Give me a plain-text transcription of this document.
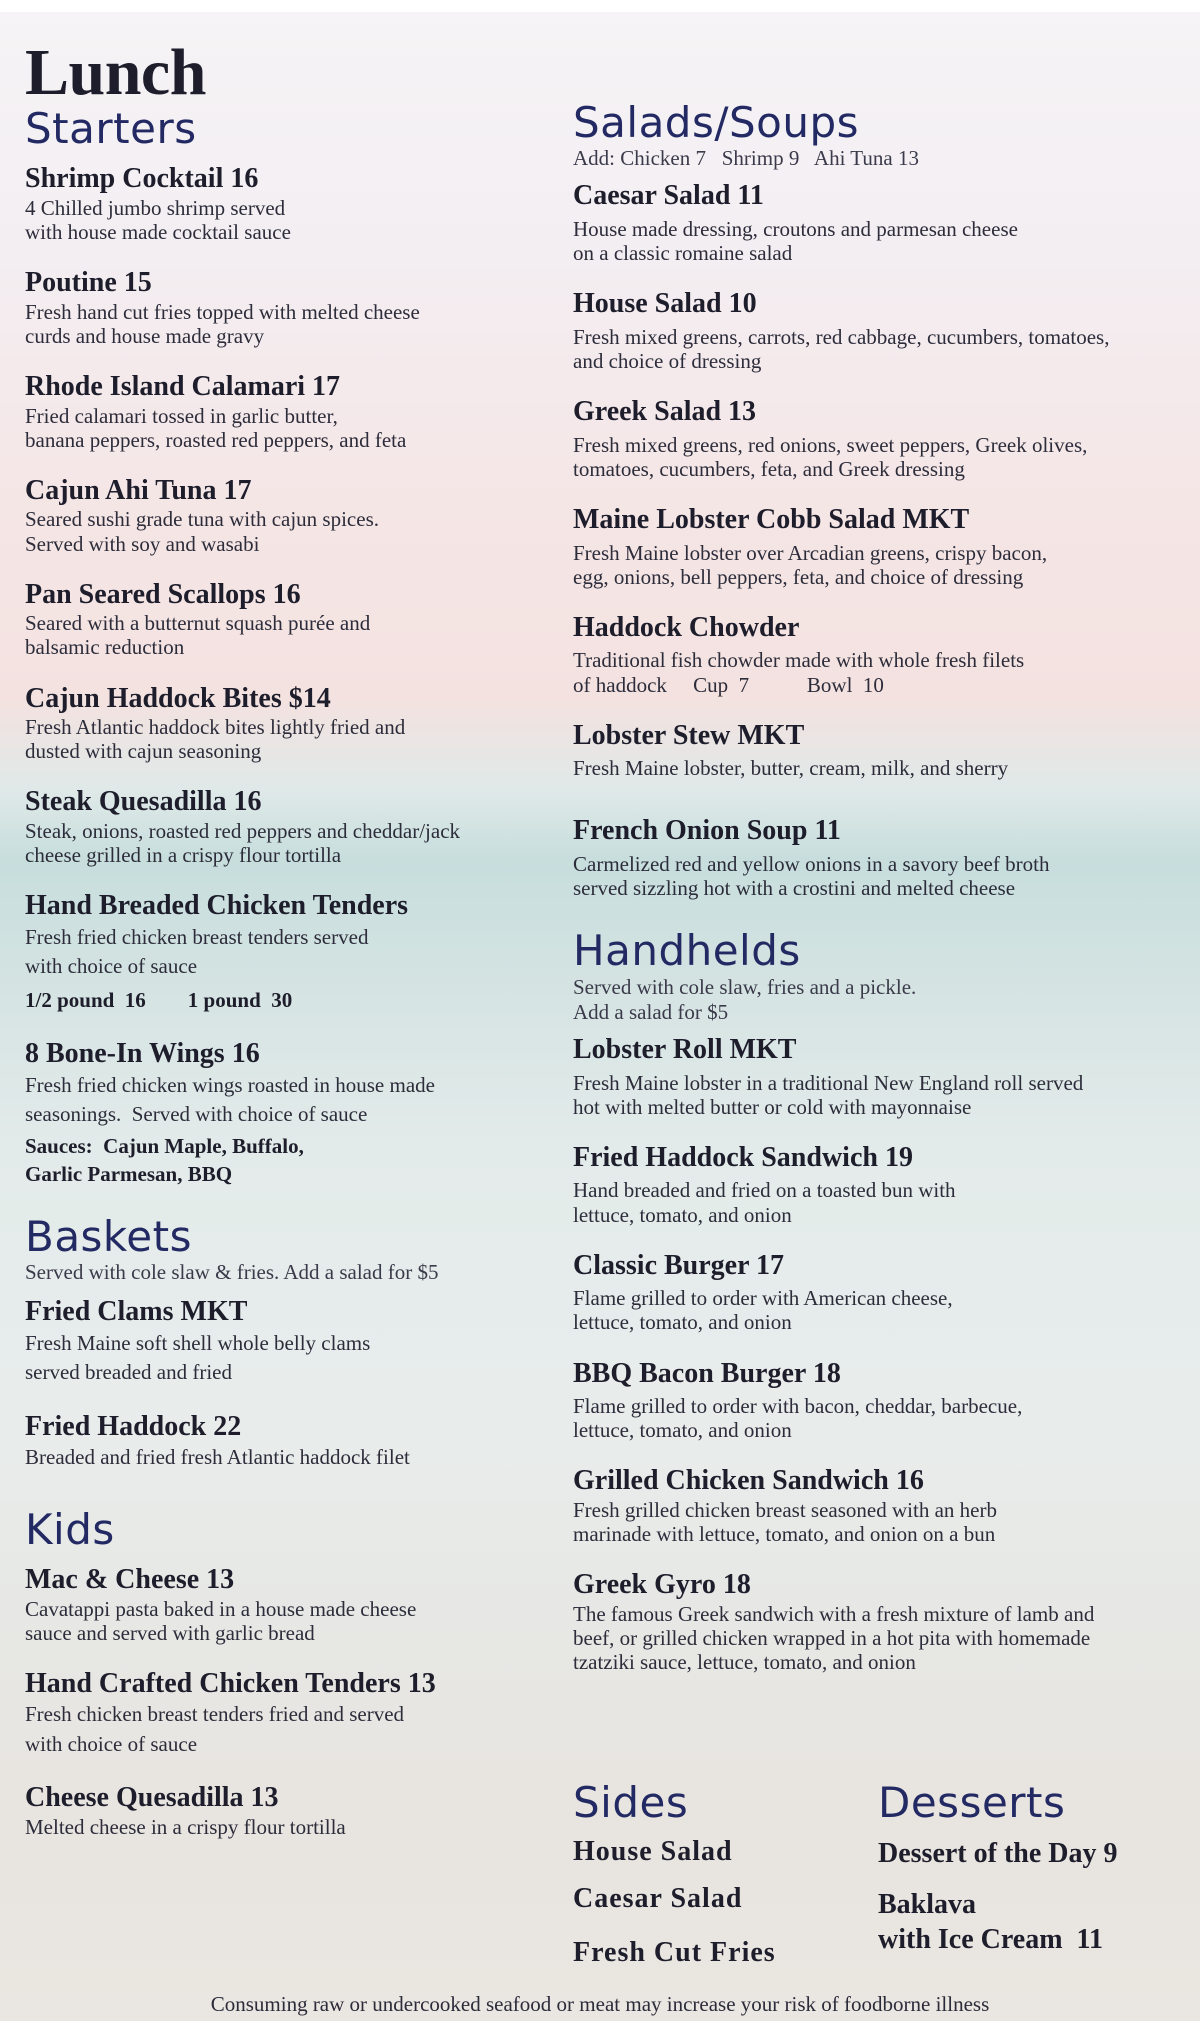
Lunch
Starters
Shrimp Cocktail 16
4 Chilled jumbo shrimp served
with house made cocktail sauce
Poutine 15
Fresh hand cut fries topped with melted cheese
curds and house made gravy
Rhode Island Calamari 17
Fried calamari tossed in garlic butter,
banana peppers, roasted red peppers, and feta
Cajun Ahi Tuna 17
Seared sushi grade tuna with cajun spices.
Served with soy and wasabi
Pan Seared Scallops 16
Seared with a butternut squash purée and
balsamic reduction
Cajun Haddock Bites $14
Fresh Atlantic haddock bites lightly fried and
dusted with cajun seasoning
Steak Quesadilla 16
Steak, onions, roasted red peppers and cheddar/jack
cheese grilled in a crispy flour tortilla
Hand Breaded Chicken Tenders
Fresh fried chicken breast tenders served
with choice of sauce
1/2 pound  16        1 pound  30
8 Bone-In Wings 16
Fresh fried chicken wings roasted in house made
seasonings.  Served with choice of sauce
Sauces:  Cajun Maple, Buffalo,
Garlic Parmesan, BBQ
Baskets
Served with cole slaw & fries. Add a salad for $5
Fried Clams MKT
Fresh Maine soft shell whole belly clams
served breaded and fried
Fried Haddock 22
Breaded and fried fresh Atlantic haddock filet
Kids
Mac & Cheese 13
Cavatappi pasta baked in a house made cheese
sauce and served with garlic bread
Hand Crafted Chicken Tenders 13
Fresh chicken breast tenders fried and served
with choice of sauce
Cheese Quesadilla 13
Melted cheese in a crispy flour tortilla
Salads/Soups
Add: Chicken 7   Shrimp 9   Ahi Tuna 13
Caesar Salad 11
House made dressing, croutons and parmesan cheese
on a classic romaine salad
House Salad 10
Fresh mixed greens, carrots, red cabbage, cucumbers, tomatoes,
and choice of dressing
Greek Salad 13
Fresh mixed greens, red onions, sweet peppers, Greek olives,
tomatoes, cucumbers, feta, and Greek dressing
Maine Lobster Cobb Salad MKT
Fresh Maine lobster over Arcadian greens, crispy bacon,
egg, onions, bell peppers, feta, and choice of dressing
Haddock Chowder
Traditional fish chowder made with whole fresh filets
of haddock     Cup  7           Bowl  10
Lobster Stew MKT
Fresh Maine lobster, butter, cream, milk, and sherry
French Onion Soup 11
Carmelized red and yellow onions in a savory beef broth
served sizzling hot with a crostini and melted cheese
Handhelds
Served with cole slaw, fries and a pickle.
Add a salad for $5
Lobster Roll MKT
Fresh Maine lobster in a traditional New England roll served
hot with melted butter or cold with mayonnaise
Fried Haddock Sandwich 19
Hand breaded and fried on a toasted bun with
lettuce, tomato, and onion
Classic Burger 17
Flame grilled to order with American cheese,
lettuce, tomato, and onion
BBQ Bacon Burger 18
Flame grilled to order with bacon, cheddar, barbecue,
lettuce, tomato, and onion
Grilled Chicken Sandwich 16
Fresh grilled chicken breast seasoned with an herb
marinade with lettuce, tomato, and onion on a bun
Greek Gyro 18
The famous Greek sandwich with a fresh mixture of lamb and
beef, or grilled chicken wrapped in a hot pita with homemade
tzatziki sauce, lettuce, tomato, and onion
Sides
House Salad
Caesar Salad
Fresh Cut Fries
Desserts
Dessert of the Day 9
Baklava
with Ice Cream  11
Consuming raw or undercooked seafood or meat may increase your risk of foodborne illness
